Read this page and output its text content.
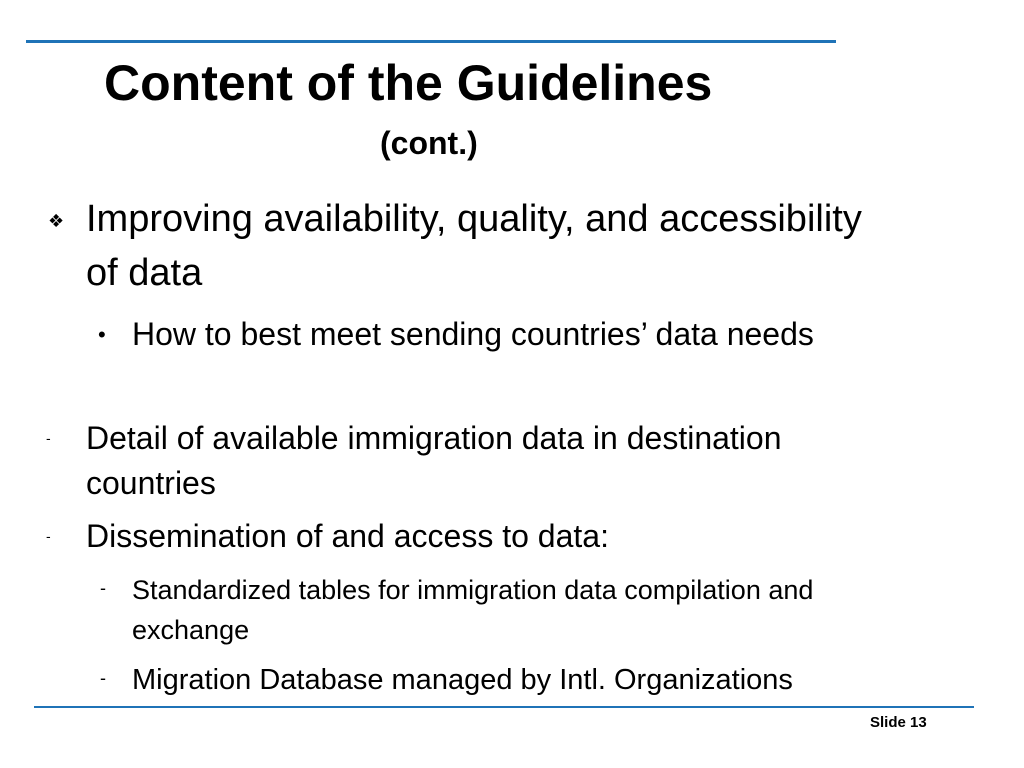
Content of the Guidelines
(cont.)
❖ Improving availability, quality, and accessibility of data
• How to best meet sending countries’ data needs
- Detail of available immigration data in destination countries
- Dissemination of and access to data:
- Standardized tables for immigration data compilation and exchange
- Migration Database managed by Intl. Organizations
Slide 13
